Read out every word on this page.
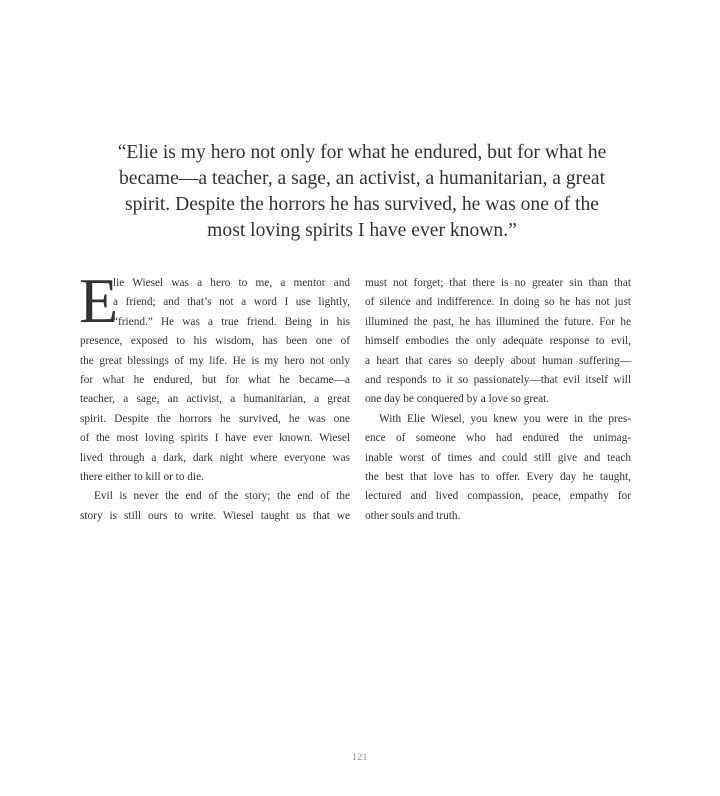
“Elie is my hero not only for what he endured, but for what he
became—a teacher, a sage, an activist, a humanitarian, a great
spirit. Despite the horrors he has survived, he was one of the
most loving spirits I have ever known.”
E
lie Wiesel was a hero to me, a mentor and
a friend; and that’s not a word I use lightly,
“friend.” He was a true friend. Being in his
presence, exposed to his wisdom, has been one of
the great blessings of my life. He is my hero not only
for what he endured, but for what he became—a
teacher, a sage, an activist, a humanitarian, a great
spirit. Despite the horrors he survived, he was one
of the most loving spirits I have ever known. Wiesel
lived through a dark, dark night where everyone was
there either to kill or to die.
Evil is never the end of the story; the end of the
story is still ours to write. Wiesel taught us that we
must not forget; that there is no greater sin than that
of silence and indifference. In doing so he has not just
illumined the past, he has illumined the future. For he
himself embodies the only adequate response to evil,
a heart that cares so deeply about human suffering—
and responds to it so passionately—that evil itself will
one day be conquered by a love so great.
With Elie Wiesel, you knew you were in the pres-
ence of someone who had endured the unimag-
inable worst of times and could still give and teach
the best that love has to offer. Every day he taught,
lectured and lived compassion, peace, empathy for
other souls and truth.
121
